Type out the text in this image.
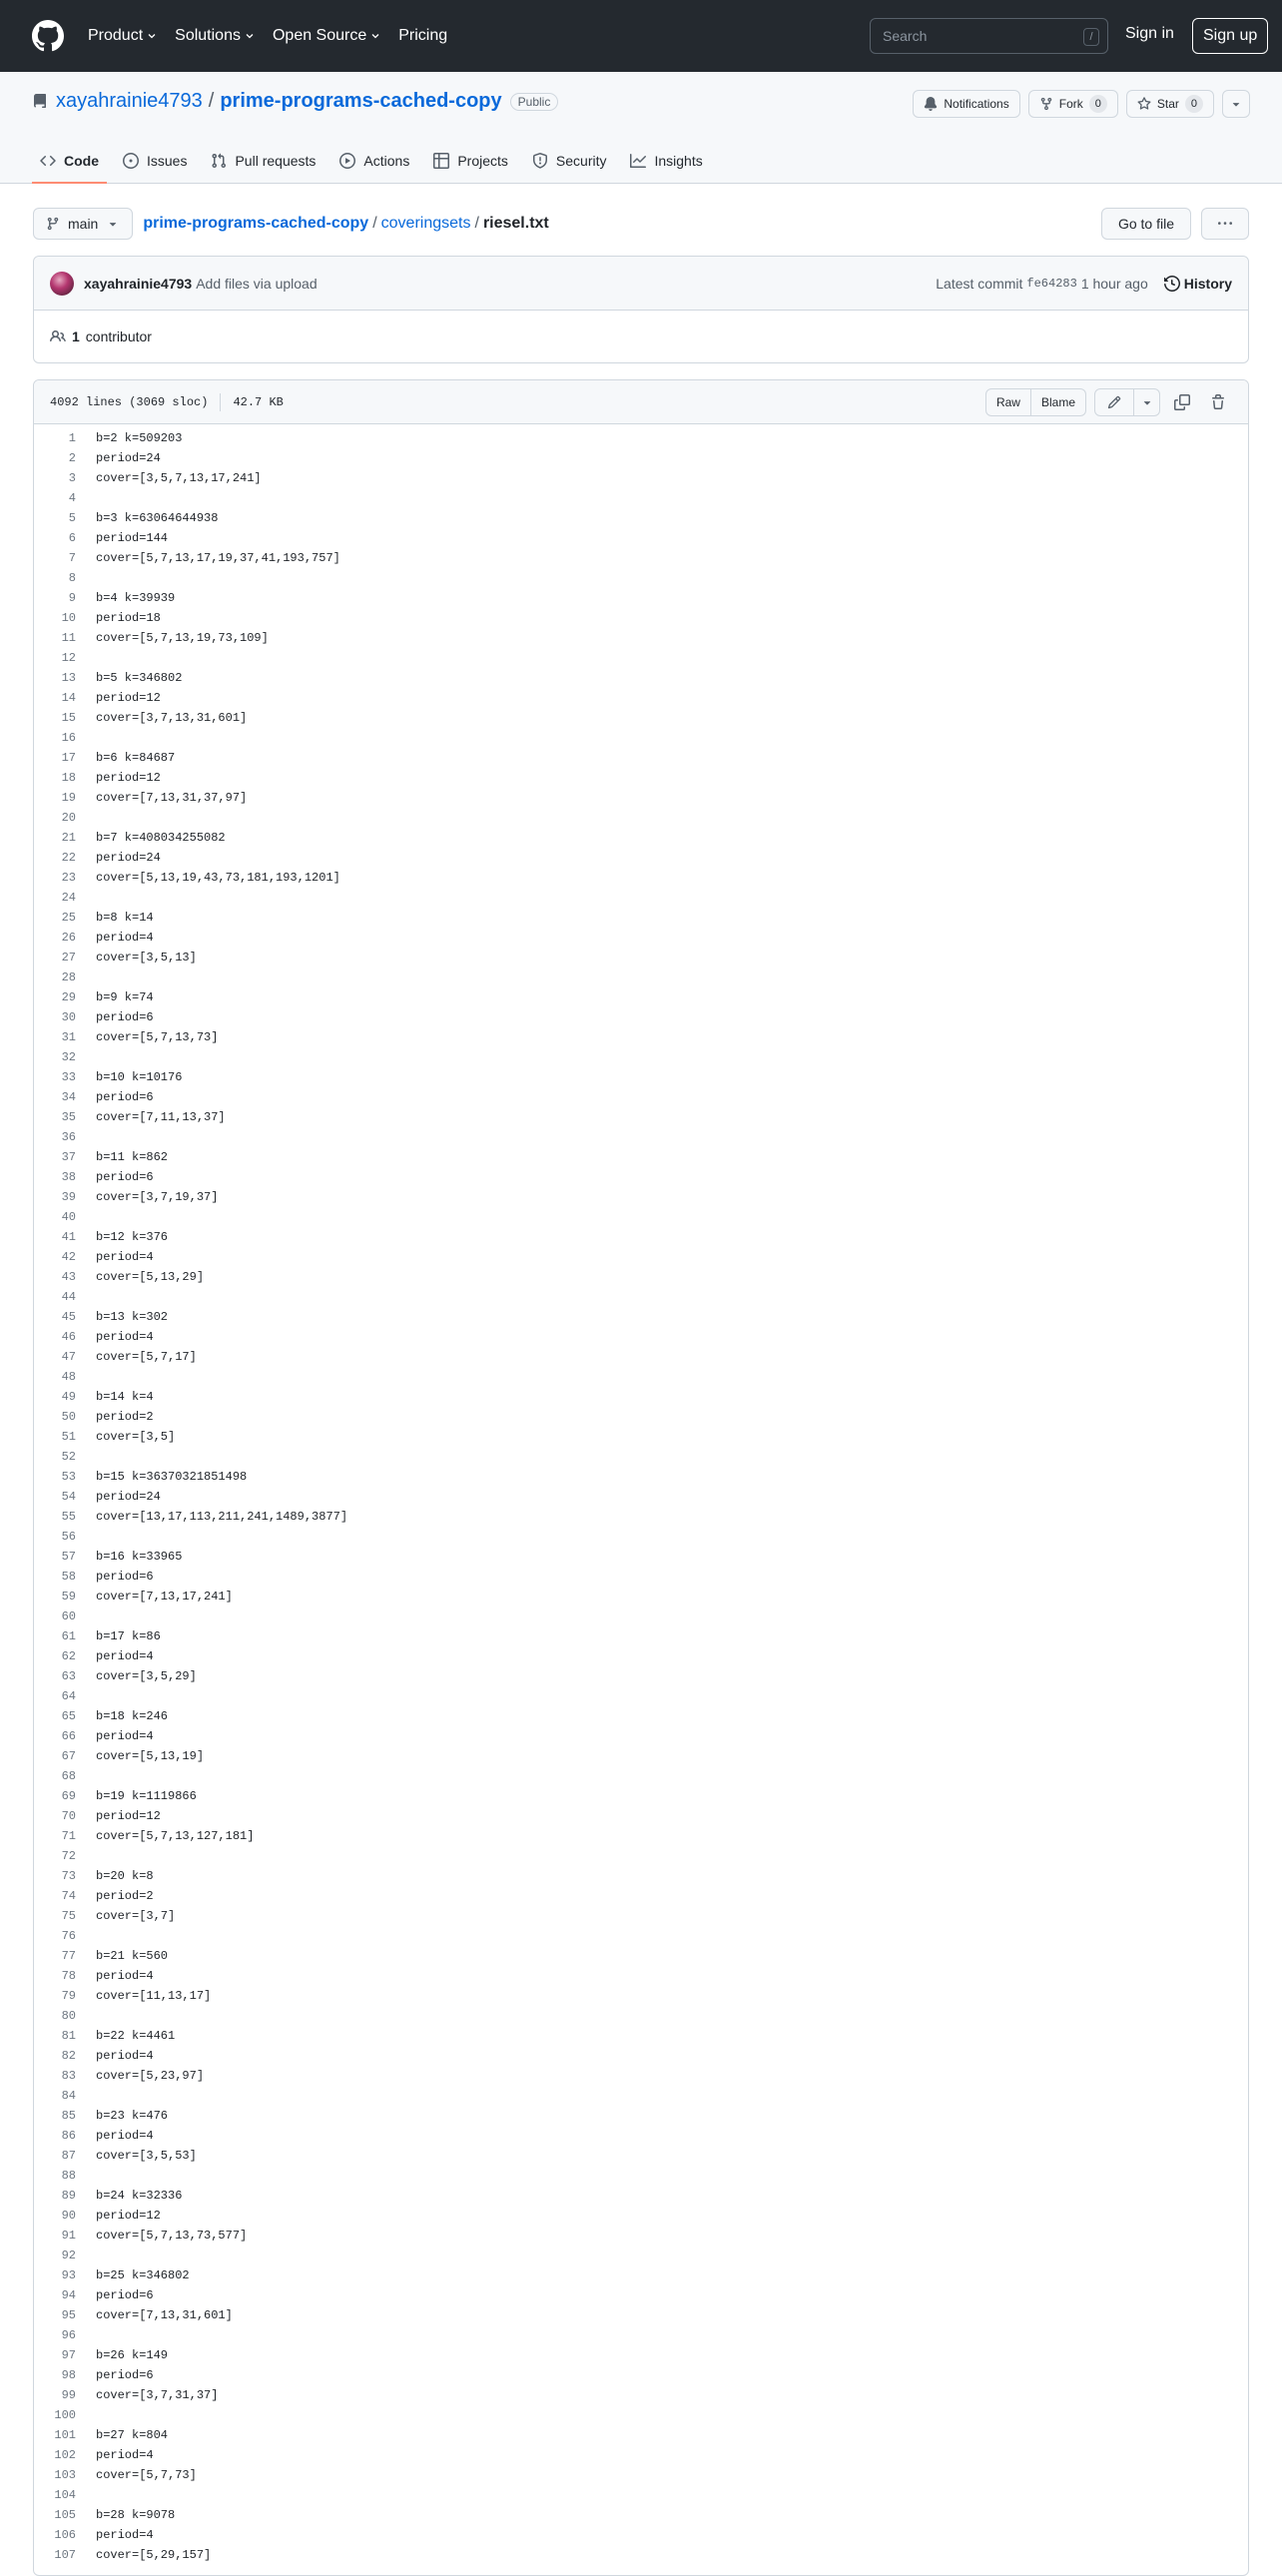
Product Solutions Open Source Pricing	Search	/	Sign in	Sign up
xayahrainie4793 / prime-programs-cached-copy	Public	Notifications	Fork	0	Star	0
Code	Issues	Pull requests	Actions	Projects	Security	Insights
main	prime-programs-cached-copy / coveringsets / riesel.txt	Go to file
xayahrainie4793 Add files via upload	Latest commit fe64283 1 hour ago	History
1 contributor
4092 lines (3069 sloc) 42.7 KB	Raw	Blame
1	b=2 k=509203
2	period=24
3	cover=[3,5,7,13,17,241]
4
5	b=3 k=63064644938
6	period=144
7	cover=[5,7,13,17,19,37,41,193,757]
8
9	b=4 k=39939
10	period=18
11	cover=[5,7,13,19,73,109]
12
13	b=5 k=346802
14	period=12
15	cover=[3,7,13,31,601]
16
17	b=6 k=84687
18	period=12
19	cover=[7,13,31,37,97]
20
21	b=7 k=408034255082
22	period=24
23	cover=[5,13,19,43,73,181,193,1201]
24
25	b=8 k=14
26	period=4
27	cover=[3,5,13]
28
29	b=9 k=74
30	period=6
31	cover=[5,7,13,73]
32
33	b=10 k=10176
34	period=6
35	cover=[7,11,13,37]
36
37	b=11 k=862
38	period=6
39	cover=[3,7,19,37]
40
41	b=12 k=376
42	period=4
43	cover=[5,13,29]
44
45	b=13 k=302
46	period=4
47	cover=[5,7,17]
48
49	b=14 k=4
50	period=2
51	cover=[3,5]
52
53	b=15 k=36370321851498
54	period=24
55	cover=[13,17,113,211,241,1489,3877]
56
57	b=16 k=33965
58	period=6
59	cover=[7,13,17,241]
60
61	b=17 k=86
62	period=4
63	cover=[3,5,29]
64
65	b=18 k=246
66	period=4
67	cover=[5,13,19]
68
69	b=19 k=1119866
70	period=12
71	cover=[5,7,13,127,181]
72
73	b=20 k=8
74	period=2
75	cover=[3,7]
76
77	b=21 k=560
78	period=4
79	cover=[11,13,17]
80
81	b=22 k=4461
82	period=4
83	cover=[5,23,97]
84
85	b=23 k=476
86	period=4
87	cover=[3,5,53]
88
89	b=24 k=32336
90	period=12
91	cover=[5,7,13,73,577]
92
93	b=25 k=346802
94	period=6
95	cover=[7,13,31,601]
96
97	b=26 k=149
98	period=6
99	cover=[3,7,31,37]
100
101	b=27 k=804
102	period=4
103	cover=[5,7,73]
104
105	b=28 k=9078
106	period=4
107	cover=[5,29,157]
